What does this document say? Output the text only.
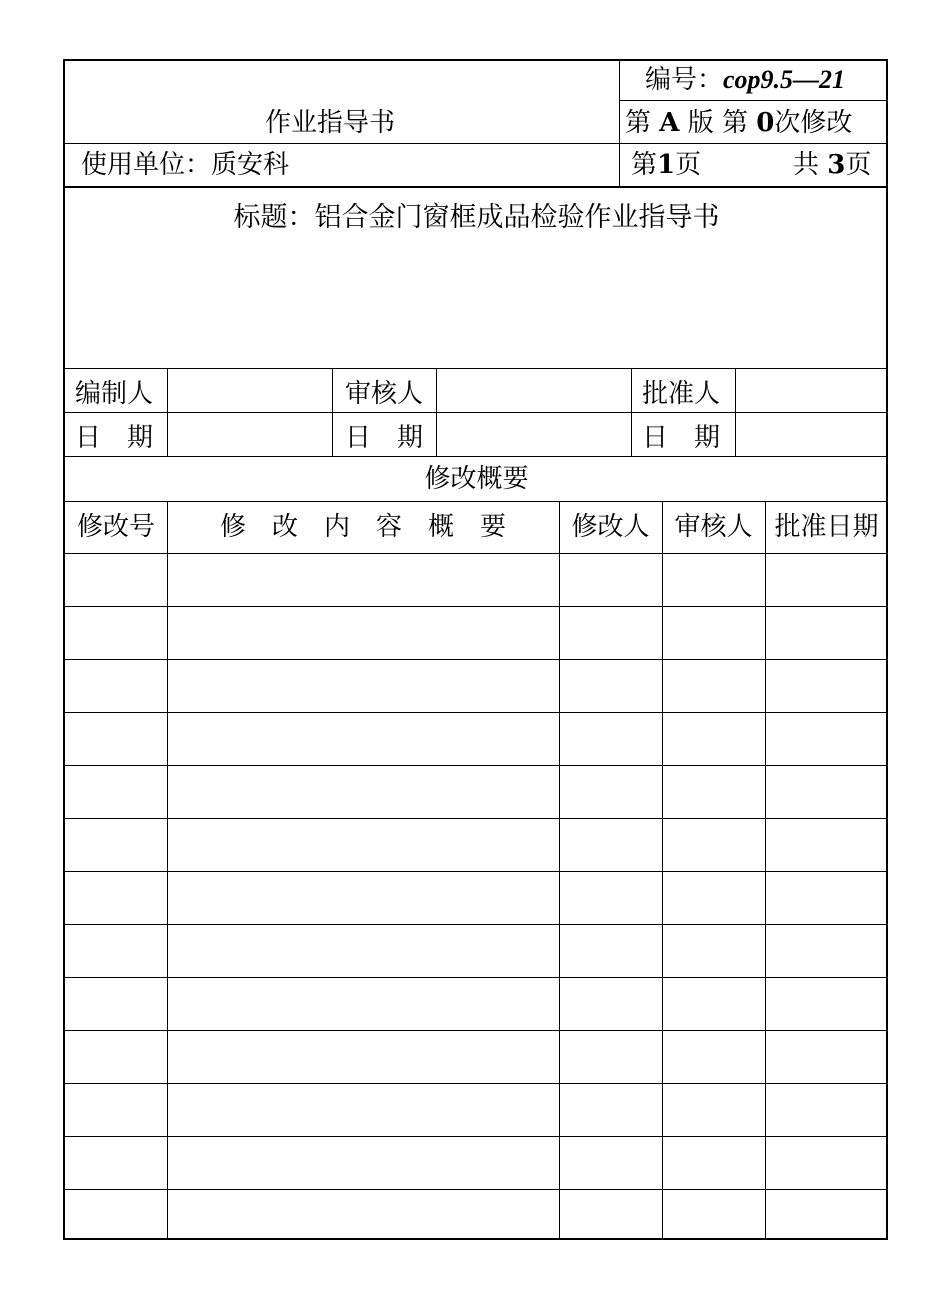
作业指导书
编号：cop9.5—21
第 A 版 第 0次修改
使用单位：质安科	第1页	共 3页
标题：铝合金门窗框成品检验作业指导书
编制人	审核人	批准人
日　期	日　期	日　期
修改概要
修改号	修　改　内　容　概　要	修改人 审核人 批准日期
